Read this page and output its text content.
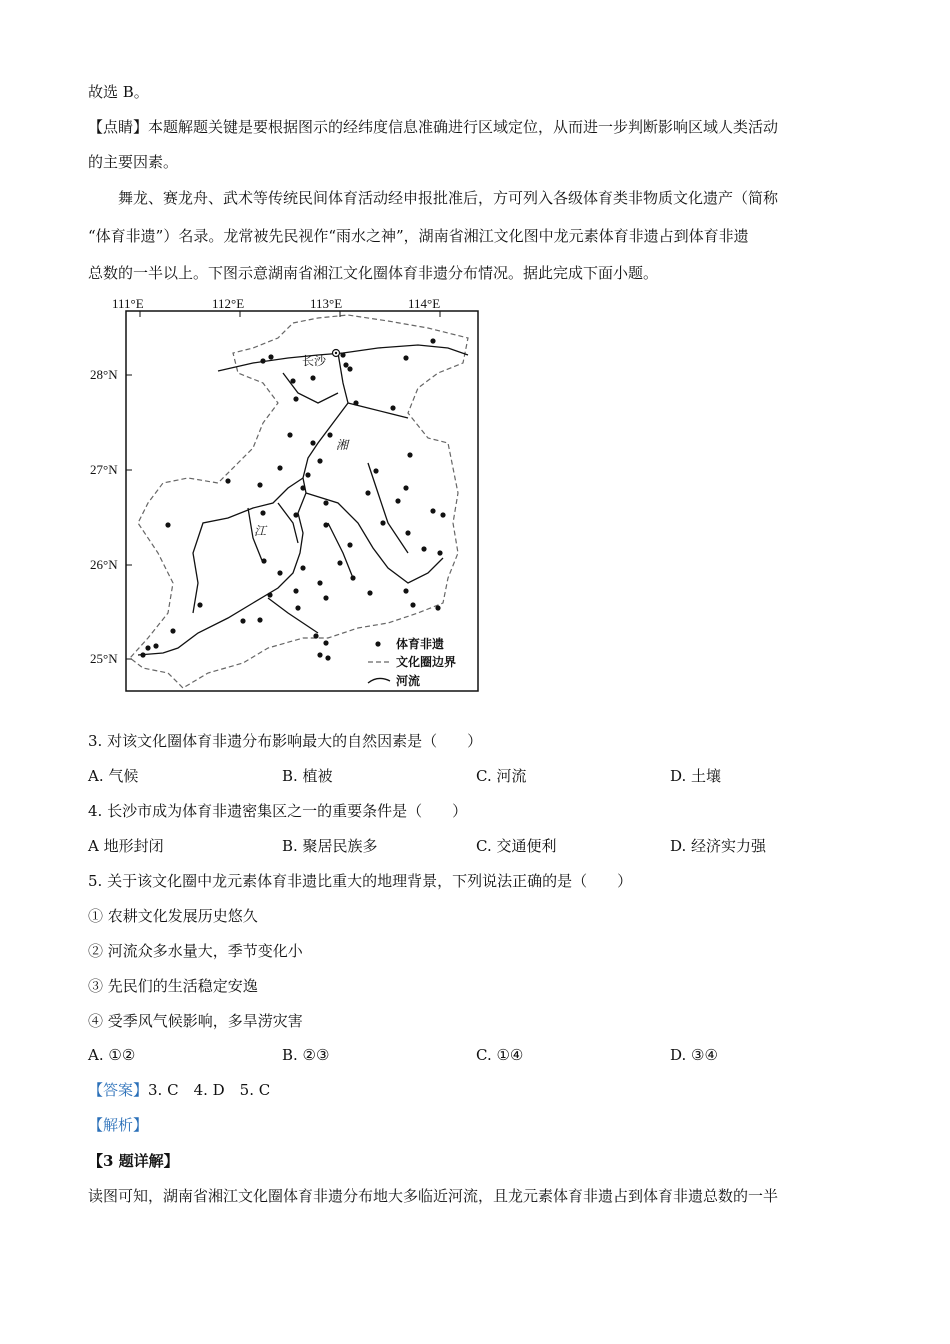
故选 B。
【点睛】本题解题关键是要根据图示的经纬度信息准确进行区域定位，从而进一步判断影响区域人类活动
的主要因素。
舞龙、赛龙舟、武术等传统民间体育活动经申报批准后，方可列入各级体育类非物质文化遗产（简称
“体育非遗”）名录。龙常被先民视作“雨水之神”，湖南省湘江文化图中龙元素体育非遗占到体育非遗
总数的一半以上。下图示意湖南省湘江文化圈体育非遗分布情况。据此完成下面小题。
111°E	112°E	113°E	114°E
28°N
27°N
26°N
25°N
长沙
湘
江
体育非遗
文化圈边界
河流
3. 对该文化圈体育非遗分布影响最大的自然因素是（　　）
A. 气候	B. 植被	C. 河流	D. 土壤
4. 长沙市成为体育非遗密集区之一的重要条件是（　　）
A 地形封闭	B. 聚居民族多	C. 交通便利	D. 经济实力强
5. 关于该文化圈中龙元素体育非遗比重大的地理背景，下列说法正确的是（　　）
① 农耕文化发展历史悠久
② 河流众多水量大，季节变化小
③ 先民们的生活稳定安逸
④ 受季风气候影响，多旱涝灾害
A. ①②	B. ②③	C. ①④	D. ③④
【答案】3. C　4. D　5. C
【解析】
【3 题详解】
读图可知，湖南省湘江文化圈体育非遗分布地大多临近河流，且龙元素体育非遗占到体育非遗总数的一半
